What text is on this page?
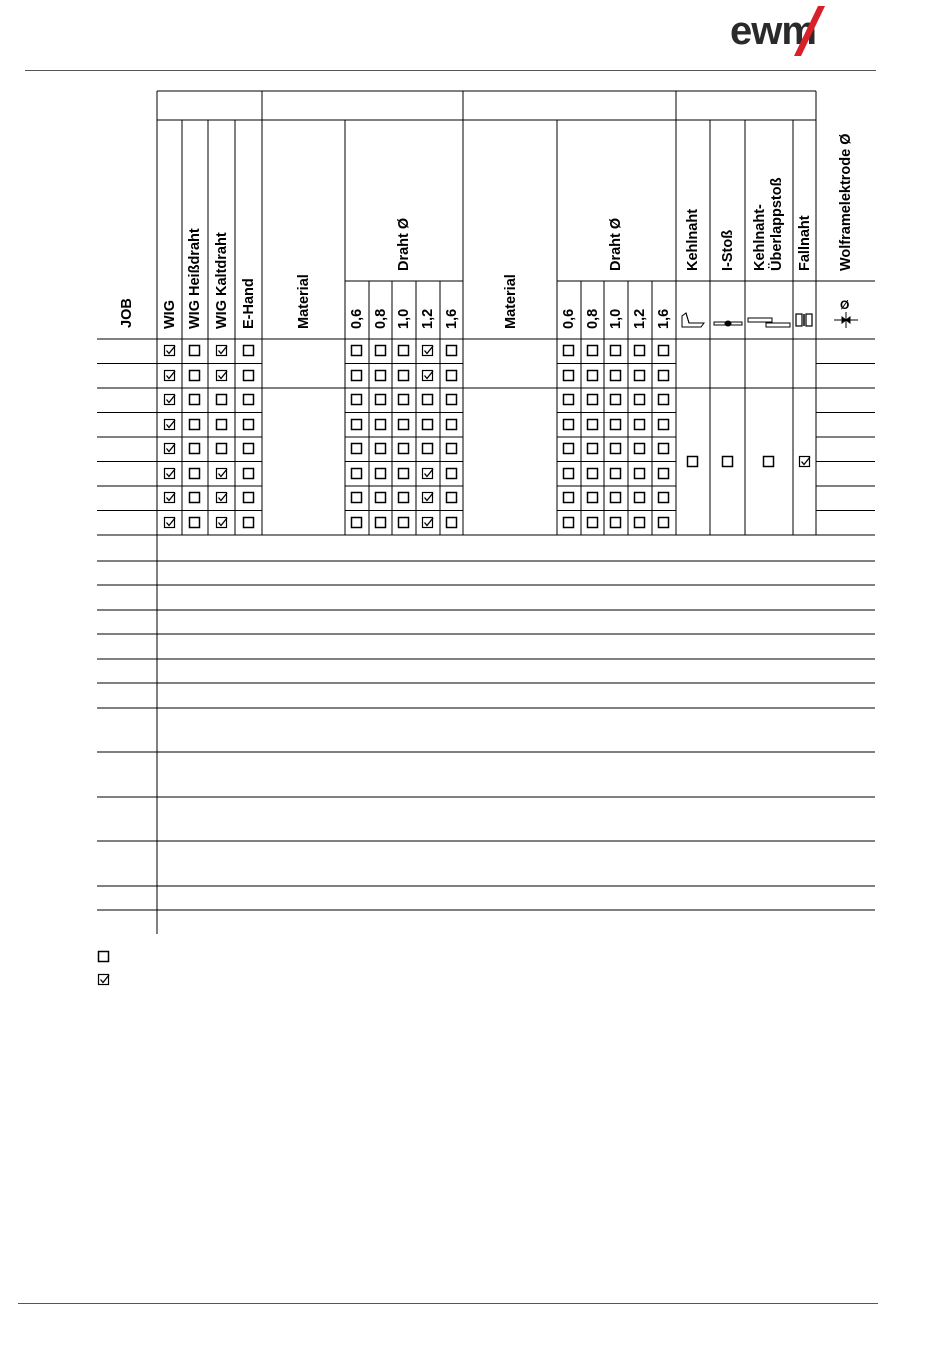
ewm
JOB WIG WIG Heißdraht WIG Kaltdraht E-Hand	Material
Draht Ø
0,6 0,8 1,0 1,2 1,6	Material
Draht Ø
0,6 0,8 1,0 1,2 1,6
Kehlnaht I-Stoß Kehlnaht- Überlappstoß Fallnaht Wolframelektrode Ø
Ø
